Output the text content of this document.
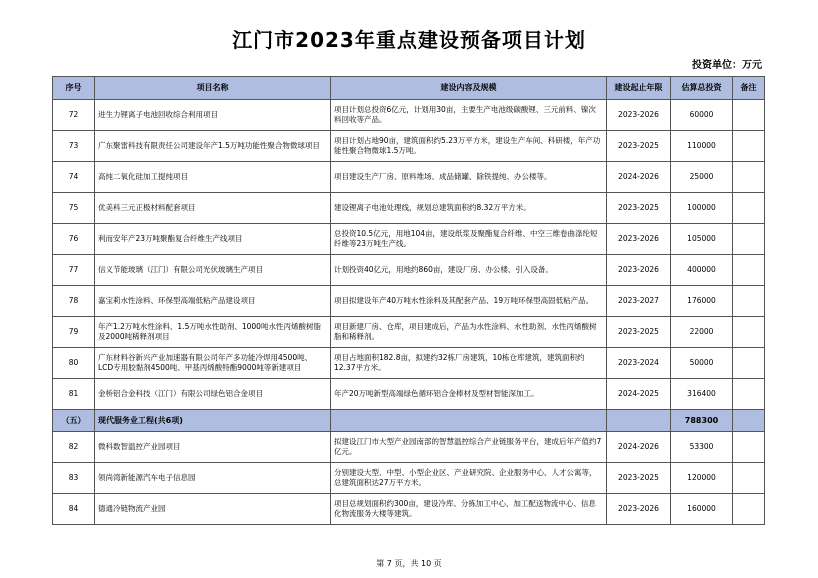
江门市2023年重点建设预备项目计划
投资单位：万元
序号	项目名称	建设内容及规模	建设起止年限	估算总投资	备注
72	进生力锂离子电池回收综合利用项目	项目计划总投资6亿元，计划用30亩，主要生产电池级碳酸锂、三元前料、镍次料回收等产品。	2023-2026	60000	
73	广东聚雷科技有限责任公司建设年产1.5万吨功能性聚合物微球项目	项目计划占地90亩，建筑面积约5.23万平方米，建设生产车间、科研楼，年产功能性聚合物微球1.5万吨。	2023-2025	110000	
74	高纯二氧化硅加工提纯项目	项目建设生产厂房、原料堆场、成品储罐、除铁提纯、办公楼等。	2024-2026	25000	
75	优美科三元正极材料配套项目	建设锂离子电池处理线，规划总建筑面积约8.32万平方米。	2023-2025	100000	
76	利而安年产23万吨聚酯复合纤维生产线项目	总投资10.5亿元，用地104亩，建设纸浆及聚酯复合纤维、中空三维卷曲涤纶短纤维等23万吨生产线。	2023-2026	105000	
77	信义节能玻璃（江门）有限公司光伏玻璃生产项目	计划投资40亿元，用地约860亩，建设厂房、办公楼、引入设备。	2023-2026	400000	
78	嘉宝莉水性涂料、环保型高端低粘产品建设项目	项目拟建设年产40万吨水性涂料及其配套产品、19万吨环保型高固低粘产品。	2023-2027	176000	
79	年产1.2万吨水性涂料、1.5万吨水性助剂、1000吨水性丙烯酸树脂及2000吨稀释剂项目	项目新建厂房、仓库，项目建成后，产品为水性涂料、水性助剂、水性丙烯酸树脂和稀释剂。	2023-2025	22000	
80	广东材料谷新兴产业加速器有限公司年产多功能冷焊用4500吨、LCD专用胶黏剂4500吨、甲基丙烯酸特酯9000吨等新建项目	项目占地面积182.8亩，拟建约32栋厂房建筑，10栋仓库建筑，建筑面积约12.37平方米。	2023-2024	50000	
81	金桥铝合金科技（江门）有限公司绿色铝合金项目	年产20万吨新型高端绿色循环铝合金棒材及型材智能深加工。	2024-2025	316400	
（五）	现代服务业工程(共6项)			788300	
82	微科数智温控产业园项目	拟建设江门市大型产业园南部的智慧温控综合产业链服务平台，建成后年产值约7亿元。	2024-2026	53300	
83	领尚湾新能源汽车电子信息园	分别建设大型、中型、小型企业区、产业研究院、企业服务中心、人才公寓等，总建筑面积达27万平方米。	2023-2025	120000	
84	德通冷链物流产业园	项目总规划面积约300亩，建设冷库、分拣加工中心、加工配送物流中心、信息化物流服务大楼等建筑。	2023-2026	160000	
第 7 页，共 10 页
